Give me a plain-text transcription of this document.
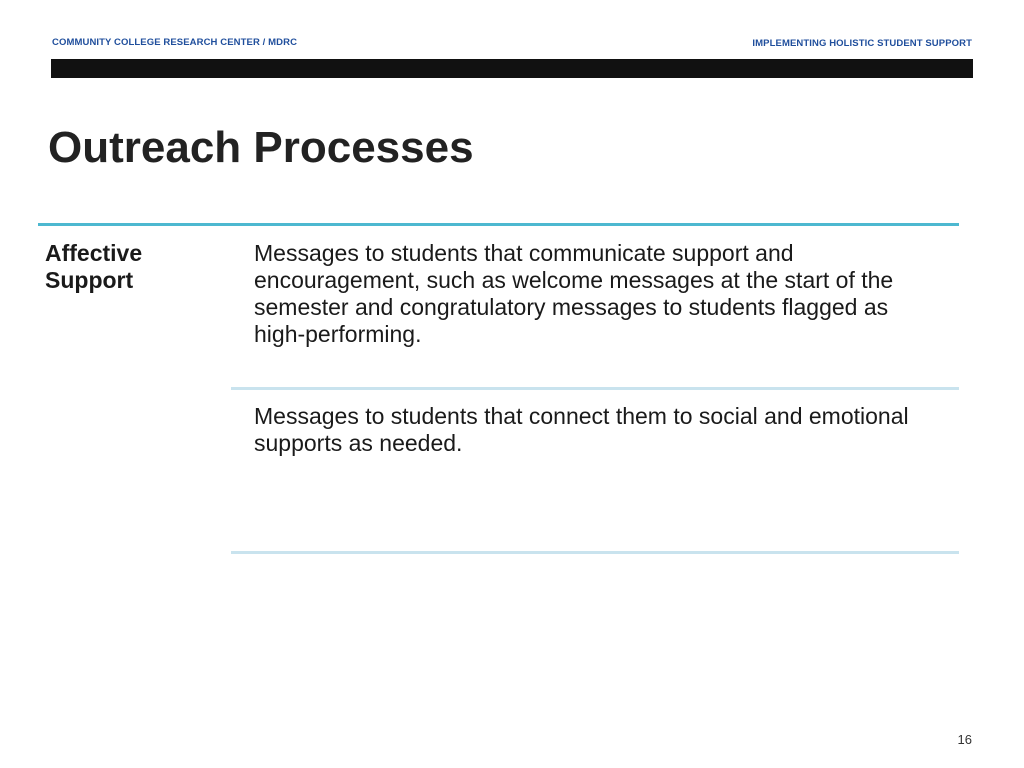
COMMUNITY COLLEGE RESEARCH CENTER / MDRC	IMPLEMENTING HOLISTIC STUDENT SUPPORT
Outreach Processes
Affective Support
Messages to students that communicate support and encouragement, such as welcome messages at the start of the semester and congratulatory messages to students flagged as high-performing.
Messages to students that connect them to social and emotional supports as needed.
16
